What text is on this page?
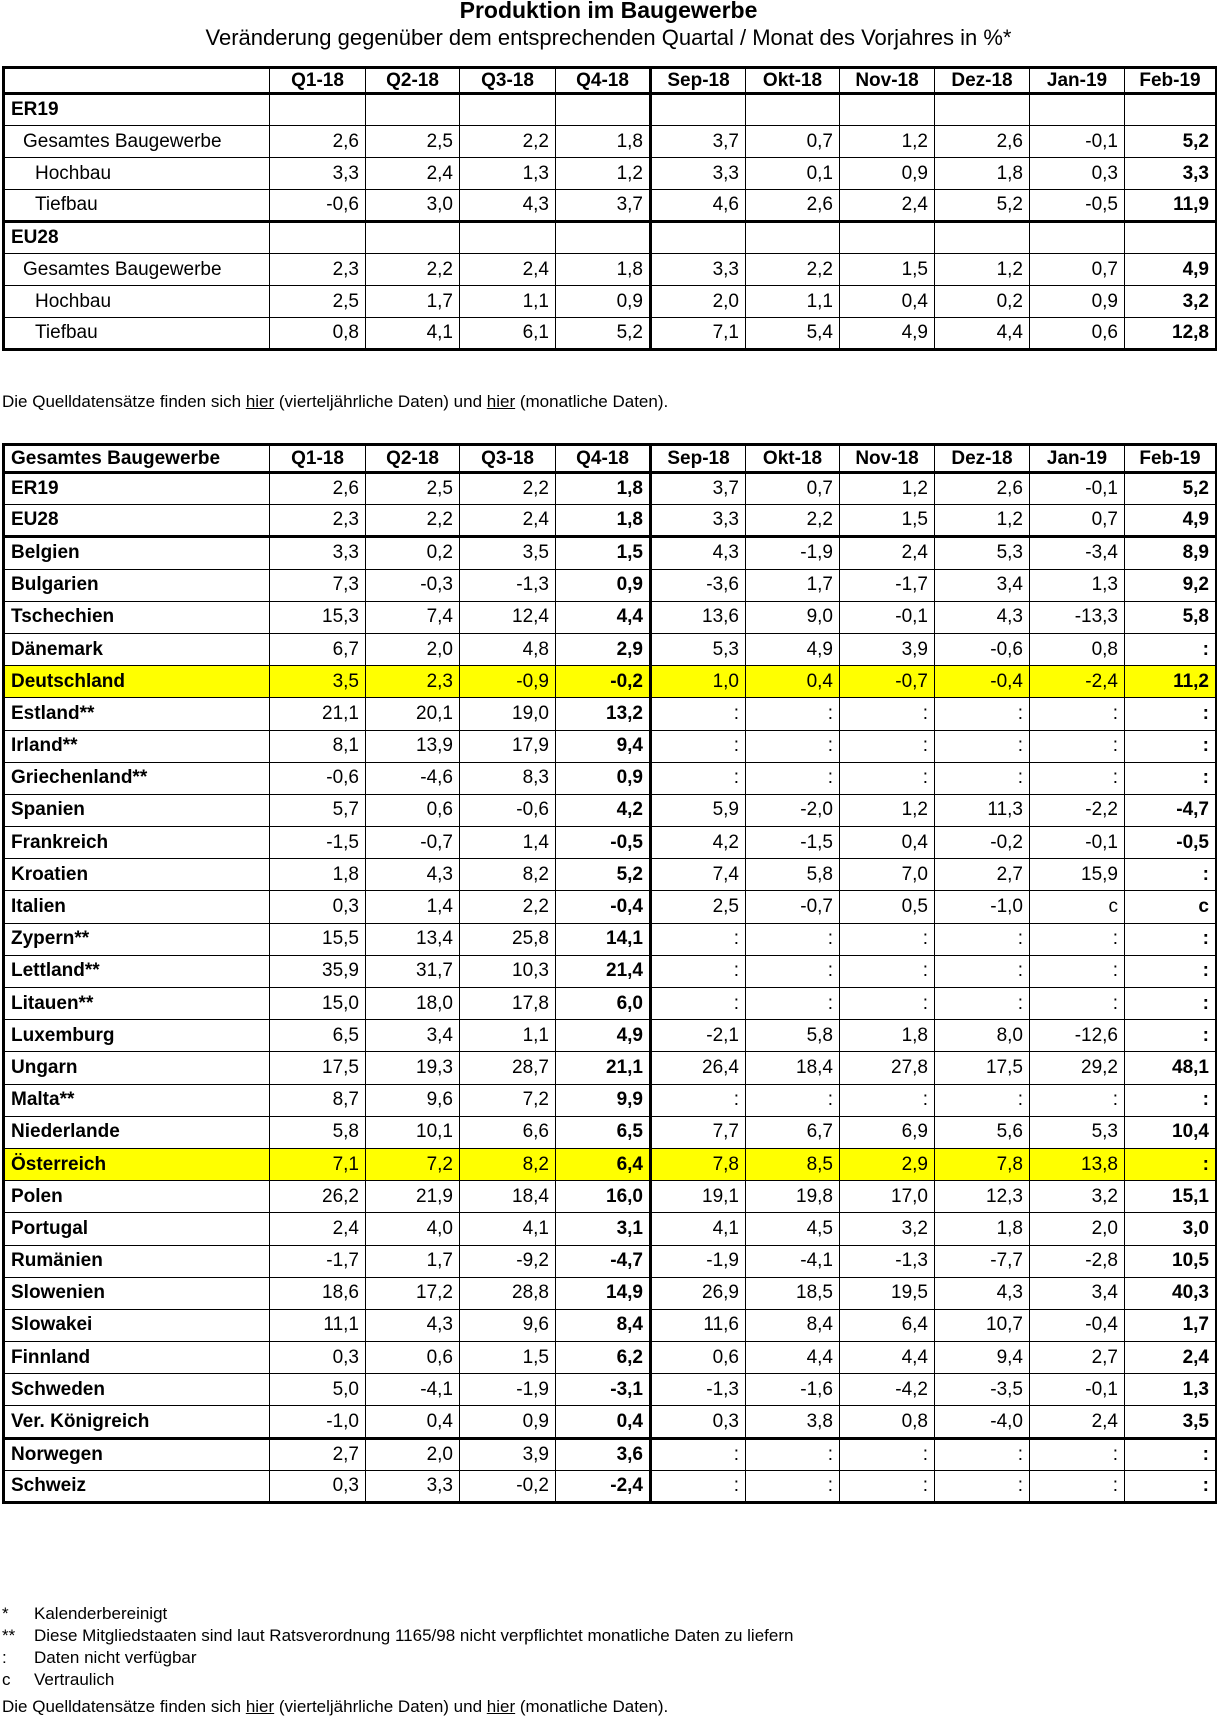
Produktion im Baugewerbe
Veränderung gegenüber dem entsprechenden Quartal / Monat des Vorjahres in %*
	Q1-18	Q2-18	Q3-18	Q4-18	Sep-18	Okt-18	Nov-18	Dez-18	Jan-19	Feb-19
ER19										
Gesamtes Baugewerbe	2,6	2,5	2,2	1,8	3,7	0,7	1,2	2,6	-0,1	5,2
Hochbau	3,3	2,4	1,3	1,2	3,3	0,1	0,9	1,8	0,3	3,3
Tiefbau	-0,6	3,0	4,3	3,7	4,6	2,6	2,4	5,2	-0,5	11,9
EU28										
Gesamtes Baugewerbe	2,3	2,2	2,4	1,8	3,3	2,2	1,5	1,2	0,7	4,9
Hochbau	2,5	1,7	1,1	0,9	2,0	1,1	0,4	0,2	0,9	3,2
Tiefbau	0,8	4,1	6,1	5,2	7,1	5,4	4,9	4,4	0,6	12,8
Die Quelldatensätze finden sich hier (vierteljährliche Daten) und hier (monatliche Daten).
Gesamtes Baugewerbe	Q1-18	Q2-18	Q3-18	Q4-18	Sep-18	Okt-18	Nov-18	Dez-18	Jan-19	Feb-19
ER19	2,6	2,5	2,2	1,8	3,7	0,7	1,2	2,6	-0,1	5,2
EU28	2,3	2,2	2,4	1,8	3,3	2,2	1,5	1,2	0,7	4,9
Belgien	3,3	0,2	3,5	1,5	4,3	-1,9	2,4	5,3	-3,4	8,9
Bulgarien	7,3	-0,3	-1,3	0,9	-3,6	1,7	-1,7	3,4	1,3	9,2
Tschechien	15,3	7,4	12,4	4,4	13,6	9,0	-0,1	4,3	-13,3	5,8
Dänemark	6,7	2,0	4,8	2,9	5,3	4,9	3,9	-0,6	0,8	:
Deutschland	3,5	2,3	-0,9	-0,2	1,0	0,4	-0,7	-0,4	-2,4	11,2
Estland**	21,1	20,1	19,0	13,2	:	:	:	:	:	:
Irland**	8,1	13,9	17,9	9,4	:	:	:	:	:	:
Griechenland**	-0,6	-4,6	8,3	0,9	:	:	:	:	:	:
Spanien	5,7	0,6	-0,6	4,2	5,9	-2,0	1,2	11,3	-2,2	-4,7
Frankreich	-1,5	-0,7	1,4	-0,5	4,2	-1,5	0,4	-0,2	-0,1	-0,5
Kroatien	1,8	4,3	8,2	5,2	7,4	5,8	7,0	2,7	15,9	:
Italien	0,3	1,4	2,2	-0,4	2,5	-0,7	0,5	-1,0	c	c
Zypern**	15,5	13,4	25,8	14,1	:	:	:	:	:	:
Lettland**	35,9	31,7	10,3	21,4	:	:	:	:	:	:
Litauen**	15,0	18,0	17,8	6,0	:	:	:	:	:	:
Luxemburg	6,5	3,4	1,1	4,9	-2,1	5,8	1,8	8,0	-12,6	:
Ungarn	17,5	19,3	28,7	21,1	26,4	18,4	27,8	17,5	29,2	48,1
Malta**	8,7	9,6	7,2	9,9	:	:	:	:	:	:
Niederlande	5,8	10,1	6,6	6,5	7,7	6,7	6,9	5,6	5,3	10,4
Österreich	7,1	7,2	8,2	6,4	7,8	8,5	2,9	7,8	13,8	:
Polen	26,2	21,9	18,4	16,0	19,1	19,8	17,0	12,3	3,2	15,1
Portugal	2,4	4,0	4,1	3,1	4,1	4,5	3,2	1,8	2,0	3,0
Rumänien	-1,7	1,7	-9,2	-4,7	-1,9	-4,1	-1,3	-7,7	-2,8	10,5
Slowenien	18,6	17,2	28,8	14,9	26,9	18,5	19,5	4,3	3,4	40,3
Slowakei	11,1	4,3	9,6	8,4	11,6	8,4	6,4	10,7	-0,4	1,7
Finnland	0,3	0,6	1,5	6,2	0,6	4,4	4,4	9,4	2,7	2,4
Schweden	5,0	-4,1	-1,9	-3,1	-1,3	-1,6	-4,2	-3,5	-0,1	1,3
Ver. Königreich	-1,0	0,4	0,9	0,4	0,3	3,8	0,8	-4,0	2,4	3,5
Norwegen	2,7	2,0	3,9	3,6	:	:	:	:	:	:
Schweiz	0,3	3,3	-0,2	-2,4	:	:	:	:	:	:
* Kalenderbereinigt
** Diese Mitgliedstaaten sind laut Ratsverordnung 1165/98 nicht verpflichtet monatliche Daten zu liefern
: Daten nicht verfügbar
c Vertraulich
Die Quelldatensätze finden sich hier (vierteljährliche Daten) und hier (monatliche Daten).
